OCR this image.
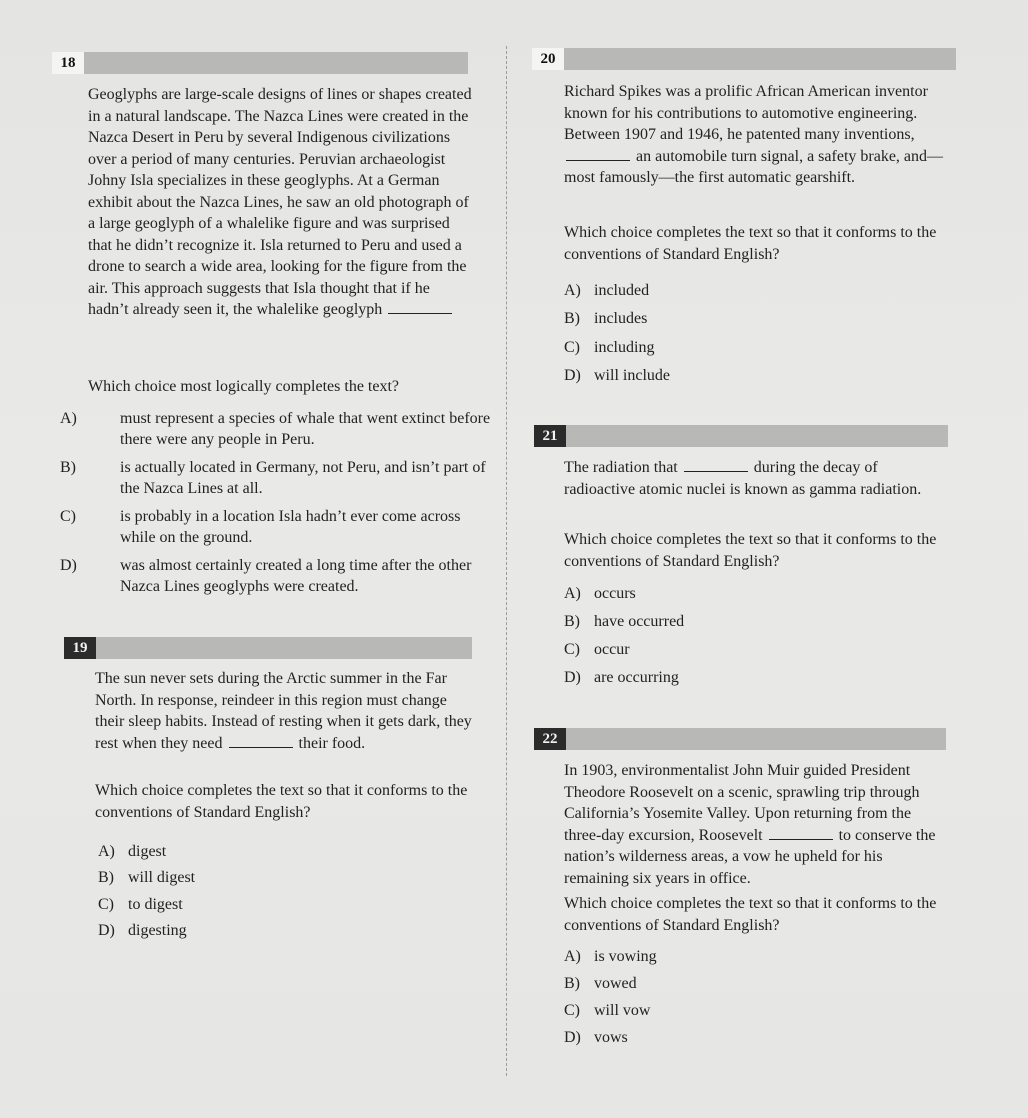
18

Geoglyphs are large-scale designs of lines or shapes created in a natural landscape. The Nazca Lines were created in the Nazca Desert in Peru by several Indigenous civilizations over a period of many centuries. Peruvian archaeologist Johny Isla specializes in these geoglyphs. At a German exhibit about the Nazca Lines, he saw an old photograph of a large geoglyph of a whalelike figure and was surprised that he didn’t recognize it. Isla returned to Peru and used a drone to search a wide area, looking for the figure from the air. This approach suggests that Isla thought that if he hadn’t already seen it, the whalelike geoglyph

Which choice most logically completes the text?

A)	must represent a species of whale that went extinct before there were any people in Peru.
B)	is actually located in Germany, not Peru, and isn’t part of the Nazca Lines at all.
C)	is probably in a location Isla hadn’t ever come across while on the ground.
D)	was almost certainly created a long time after the other Nazca Lines geoglyphs were created.
19

The sun never sets during the Arctic summer in the Far North. In response, reindeer in this region must change their sleep habits. Instead of resting when it gets dark, they rest when they need	their food.

Which choice completes the text so that it conforms to the conventions of Standard English?

A) digest
B) will digest
C) to digest
D) digesting
20

Richard Spikes was a prolific African American inventor known for his contributions to automotive engineering. Between 1907 and 1946, he patented many inventions,  an automobile turn signal, a safety brake, and—most famously—the first automatic gearshift.

Which choice completes the text so that it conforms to the conventions of Standard English?

A) included
B) includes
C) including
D) will include
21

The radiation that	during the decay of radioactive atomic nuclei is known as gamma radiation.

Which choice completes the text so that it conforms to the conventions of Standard English?

A) occurs
B) have occurred
C) occur
D) are occurring
22

In 1903, environmentalist John Muir guided President Theodore Roosevelt on a scenic, sprawling trip through California’s Yosemite Valley. Upon returning from the three-day excursion, Roosevelt	to conserve the nation’s wilderness areas, a vow he upheld for his remaining six years in office.

Which choice completes the text so that it conforms to the conventions of Standard English?

A) is vowing
B) vowed
C) will vow
D) vows
